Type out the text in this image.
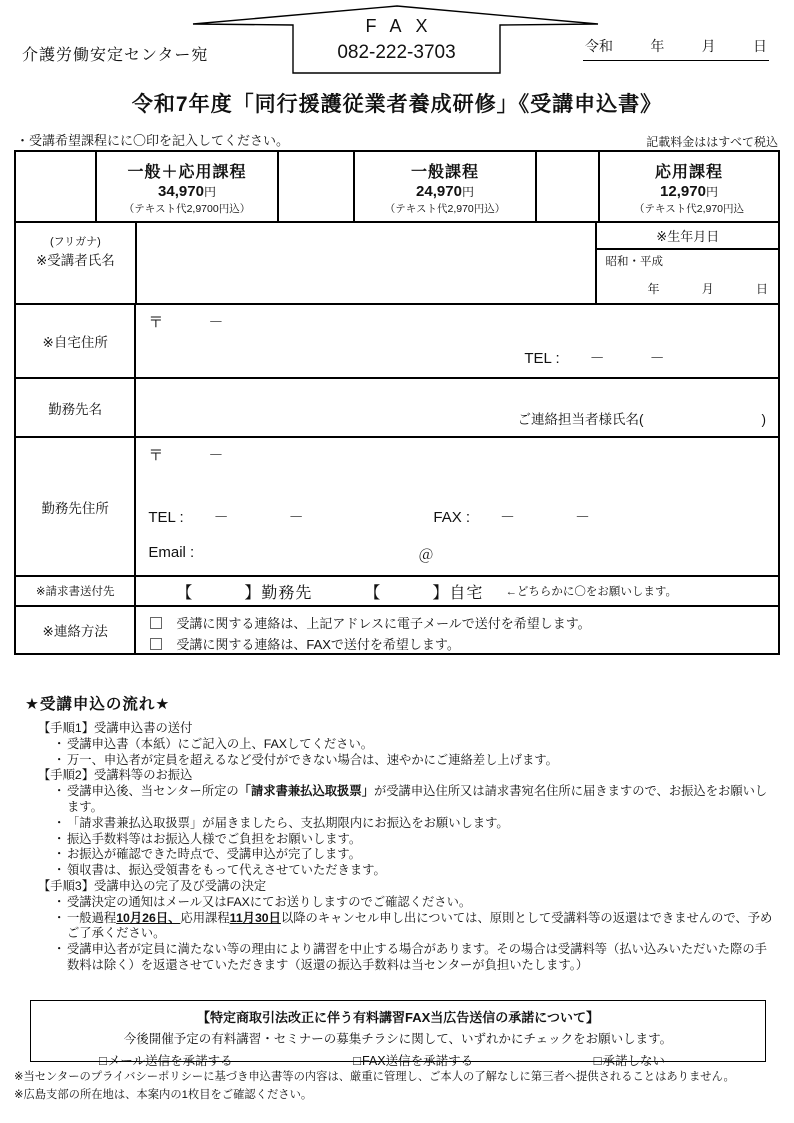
介護労働安定センター宛
FAX
082-222-3703	令和	年	月	日
令和7年度「同行援護従業者養成研修」《受講申込書》
・受講希望課程にに〇印を記入してください。	記載料金ははすべて税込
一般＋応用課程
34,970円
（テキスト代2,9700円込）
一般課程
24,970円
（テキスト代2,970円込）
応用課程
12,970円
（テキスト代2,970円込
(フリガナ)
※受講者氏名
※生年月日
昭和・平成
年	月	日
※自宅住所
〒　　　－
TEL :　　－　　　－
勤務先名
ご連絡担当者様氏名(	)
勤務先住所
〒　　　－
TEL :　　－　　　　－	FAX :　　－　　　　－
Email :	＠
※請求書送付先	【　　　】勤務先	【　　　】自宅 ←どちらかに〇をお願いします。
※連絡方法
受講に関する連絡は、上記アドレスに電子メールで送付を希望します。
受講に関する連絡は、FAXで送付を希望します。
★受講申込の流れ★
【手順1】受講申込書の送付
・ 受講申込書（本紙）にご記入の上、FAXしてください。
・ 万一、申込者が定員を超えるなど受付ができない場合は、速やかにご連絡差し上げます。
【手順2】受講料等のお振込
・ 受講申込後、当センター所定の「請求書兼払込取扱票」が受講申込住所又は請求書宛名住所に届きますので、お振込をお願いします。
・ 「請求書兼払込取扱票」が届きましたら、支払期限内にお振込をお願いします。
・ 振込手数料等はお振込人様でご負担をお願いします。
・ お振込が確認できた時点で、受講申込が完了します。
・ 領収書は、振込受領書をもって代えさせていただきます。
【手順3】受講申込の完了及び受講の決定
・ 受講決定の通知はメール又はFAXにてお送りしますのでご確認ください。
・ 一般過程10月26日、応用課程11月30日以降のキャンセル申し出については、原則として受講料等の返還はできませんので、予めご了承ください。
・ 受講申込者が定員に満たない等の理由により講習を中止する場合があります。その場合は受講料等（払い込みいただいた際の手数料は除く）を返還させていただきます（返還の振込手数料は当センターが負担いたします。）
【特定商取引法改正に伴う有料講習FAX当広告送信の承諾について】
今後開催予定の有料講習・セミナーの募集チラシに関して、いずれかにチェックをお願いします。
□ メール送信を承諾する	□ FAX送信を承諾する	□ 承諾しない
※当センターのプライバシーポリシーに基づき申込書等の内容は、厳重に管理し、ご本人の了解なしに第三者へ提供されることはありません。
※広島支部の所在地は、本案内の1枚目をご確認ください。
